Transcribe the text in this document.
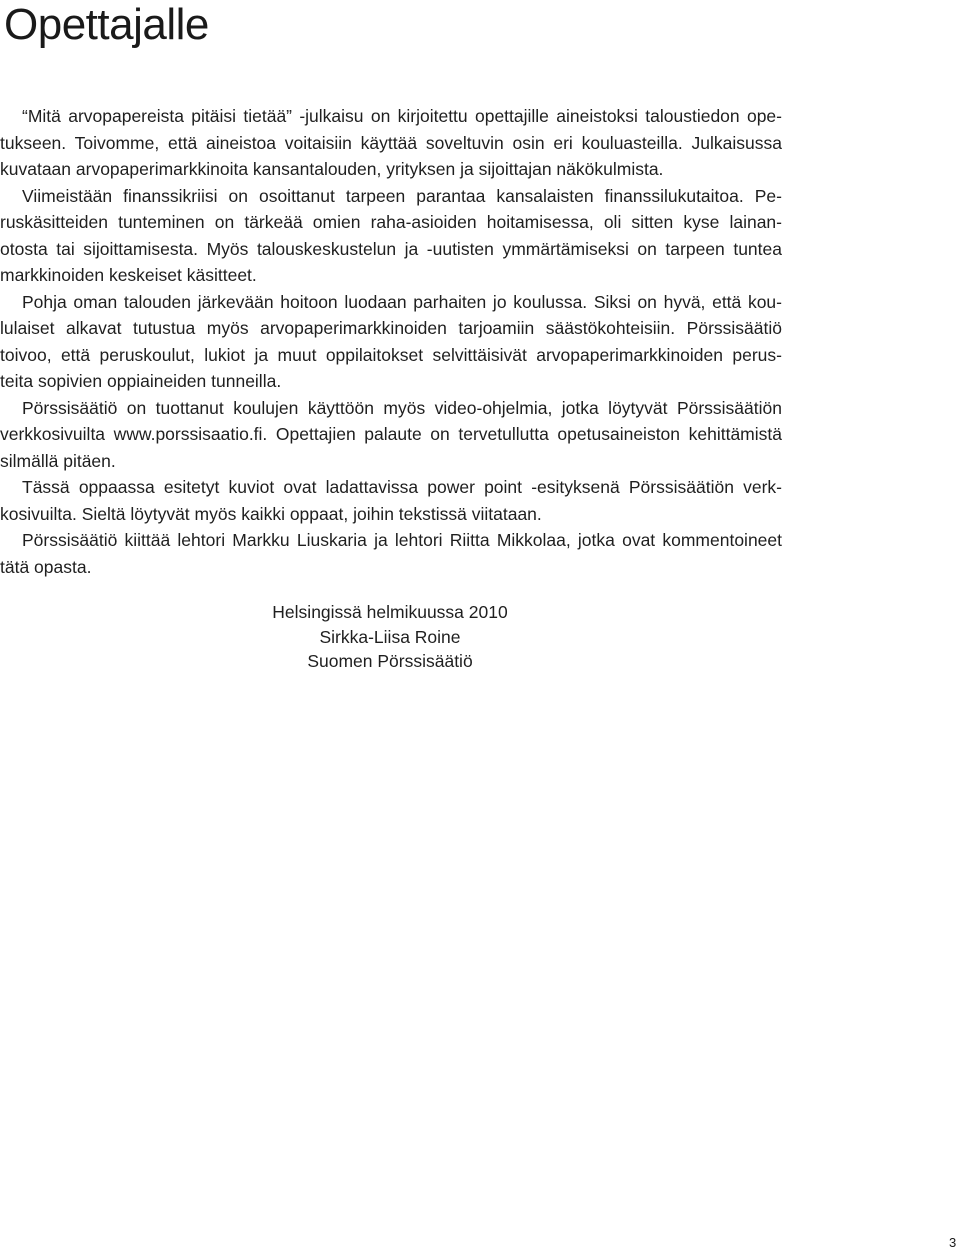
Opettajalle
“Mitä arvopapereista pitäisi tietää” -julkaisu on kirjoitettu opettajille aineistoksi taloustiedon ope-
tukseen. Toivomme, että aineistoa voitaisiin käyttää soveltuvin osin eri kouluasteilla. Julkaisussa
kuvataan arvopaperimarkkinoita kansantalouden, yrityksen ja sijoittajan näkökulmista.
Viimeistään finanssikriisi on osoittanut tarpeen parantaa kansalaisten finanssilukutaitoa. Pe-
ruskäsitteiden tunteminen on tärkeää omien raha-asioiden hoitamisessa, oli sitten kyse lainan-
otosta tai sijoittamisesta. Myös talouskeskustelun ja -uutisten ymmärtämiseksi on tarpeen tuntea
markkinoiden keskeiset käsitteet.
Pohja oman talouden järkevään hoitoon luodaan parhaiten jo koulussa. Siksi on hyvä, että kou-
lulaiset alkavat tutustua myös arvopaperimarkkinoiden tarjoamiin säästökohteisiin. Pörssisäätiö
toivoo, että peruskoulut, lukiot ja muut oppilaitokset selvittäisivät arvopaperimarkkinoiden perus-
teita sopivien oppiaineiden tunneilla.
Pörssisäätiö on tuottanut koulujen käyttöön myös video-ohjelmia, jotka löytyvät Pörssisäätiön
verkkosivuilta www.porssisaatio.fi. Opettajien palaute on tervetullutta opetusaineiston kehittämistä
silmällä pitäen.
Tässä oppaassa esitetyt kuviot ovat ladattavissa power point -esityksenä Pörssisäätiön verk-
kosivuilta. Sieltä löytyvät myös kaikki oppaat, joihin tekstissä viitataan.
Pörssisäätiö kiittää lehtori Markku Liuskaria ja lehtori Riitta Mikkolaa, jotka ovat kommentoineet
tätä opasta.
Helsingissä helmikuussa 2010
Sirkka-Liisa Roine
Suomen Pörssisäätiö
3
